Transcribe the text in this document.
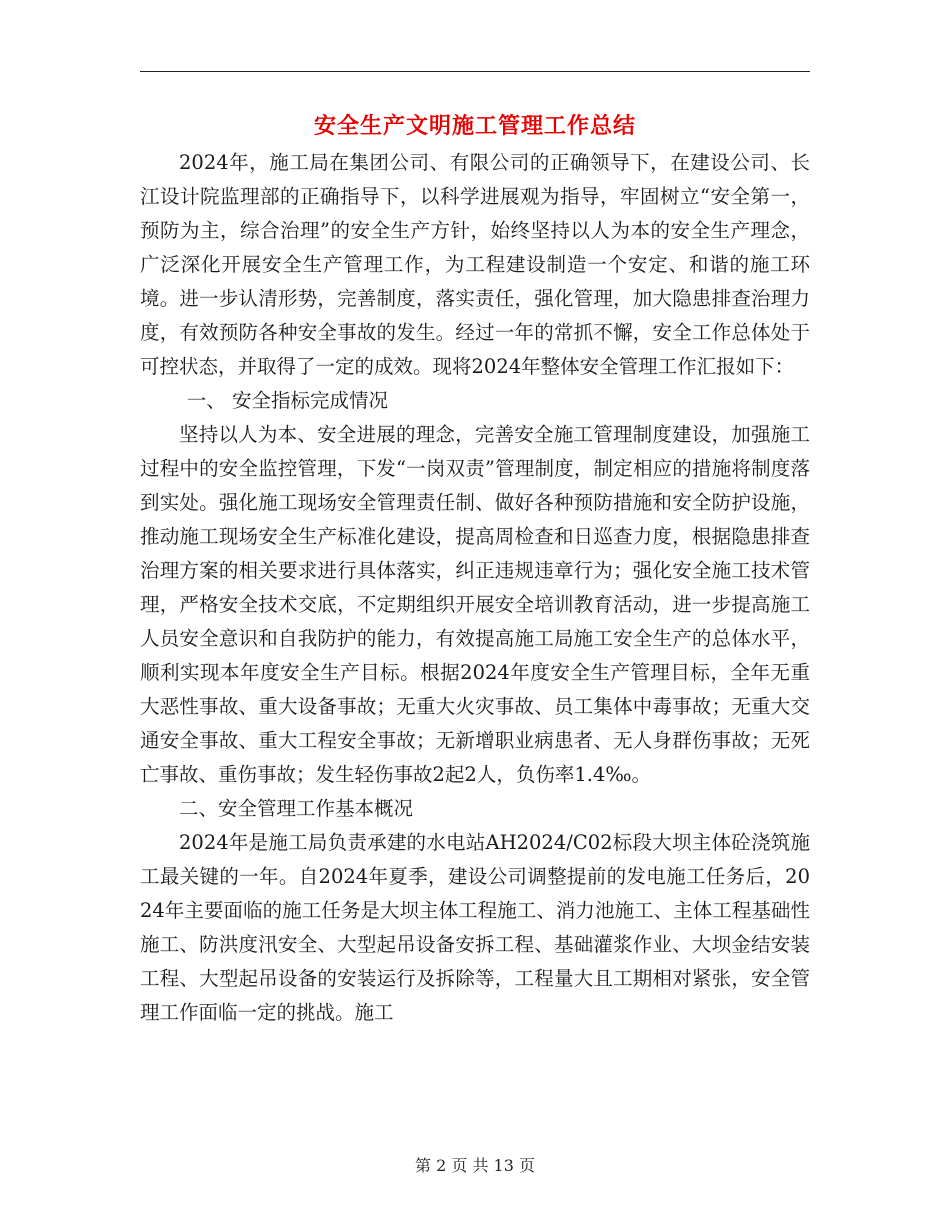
安全生产文明施工管理工作总结

2024年，施工局在集团公司、有限公司的正确领导下，在建设公司、长江设计院监理部的正确指导下，以科学进展观为指导，牢固树立“安全第一，预防为主，综合治理”的安全生产方针，始终坚持以人为本的安全生产理念，广泛深化开展安全生产管理工作，为工程建设制造一个安定、和谐的施工环境。进一步认清形势，完善制度，落实责任，强化管理，加大隐患排查治理力度，有效预防各种安全事故的发生。经过一年的常抓不懈，安全工作总体处于可控状态，并取得了一定的成效。现将2024年整体安全管理工作汇报如下：

一、 安全指标完成情况

坚持以人为本、安全进展的理念，完善安全施工管理制度建设，加强施工过程中的安全监控管理，下发“一岗双责”管理制度，制定相应的措施将制度落到实处。强化施工现场安全管理责任制、做好各种预防措施和安全防护设施，推动施工现场安全生产标准化建设，提高周检查和日巡查力度，根据隐患排查治理方案的相关要求进行具体落实，纠正违规违章行为；强化安全施工技术管理，严格安全技术交底，不定期组织开展安全培训教育活动，进一步提高施工人员安全意识和自我防护的能力，有效提高施工局施工安全生产的总体水平，顺利实现本年度安全生产目标。根据2024年度安全生产管理目标，全年无重大恶性事故、重大设备事故；无重大火灾事故、员工集体中毒事故；无重大交通安全事故、重大工程安全事故；无新增职业病患者、无人身群伤事故；无死亡事故、重伤事故；发生轻伤事故2起2人，负伤率1.4‰。

二、安全管理工作基本概况

2024年是施工局负责承建的水电站AH2024/C02标段大坝主体砼浇筑施工最关键的一年。自2024年夏季，建设公司调整提前的发电施工任务后，2024年主要面临的施工任务是大坝主体工程施工、消力池施工、主体工程基础性施工、防洪度汛安全、大型起吊设备安拆工程、基础灌浆作业、大坝金结安装工程、大型起吊设备的安装运行及拆除等，工程量大且工期相对紧张，安全管理工作面临一定的挑战。施工

第 2 页 共 13 页
